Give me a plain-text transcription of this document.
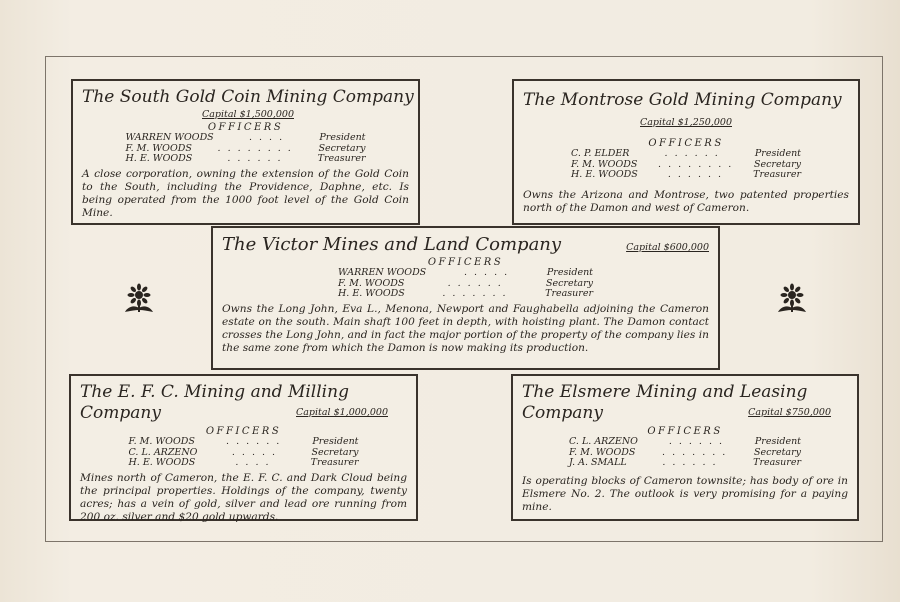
The South Gold Coin Mining Company
Capital $1,500,000
OFFICERS
WARREN WOODS	. . . .	President
F. M. WOODS	. . . . . . . .	Secretary
H. E. WOODS	. . . . . .	Treasurer
A close corporation, owning the extension of the Gold Coin to the South, including the Providence, Daphne, etc. Is being operated from the 1000 foot level of the Gold Coin Mine.
The Montrose Gold Mining Company
Capital $1,250,000
OFFICERS
C. P. ELDER	. . . . . .	President
F. M. WOODS	. . . . . . . .	Secretary
H. E. WOODS	. . . . . .	Treasurer
Owns the Arizona and Montrose, two patented properties north of the Damon and west of Cameron.
The Victor Mines and Land Company	Capital $600,000
OFFICERS
WARREN WOODS	. . . . .	President
F. M. WOODS	. . . . . .	Secretary
H. E. WOODS	. . . . . . .	Treasurer
Owns the Long John, Eva L., Menona, Newport and Faughabella adjoining the Cameron estate on the south. Main shaft 100 feet in depth, with hoisting plant. The Damon contact crosses the Long John, and in fact the major portion of the property of the company lies in the same zone from which the Damon is now making its production.
The E. F. C. Mining and Milling Company	Capital $1,000,000
OFFICERS
F. M. WOODS	. . . . . .	President
C. L. ARZENO	. . . . .	Secretary
H. E. WOODS	. . . .	Treasurer
Mines north of Cameron, the E. F. C. and Dark Cloud being the principal properties. Holdings of the company, twenty acres; has a vein of gold, silver and lead ore running from 200 oz. silver and $20 gold upwards.
The Elsmere Mining and Leasing Company	Capital $750,000
OFFICERS
C. L. ARZENO	. . . . . .	President
F. M. WOODS	. . . . . . .	Secretary
J. A. SMALL	. . . . . .	Treasurer
Is operating blocks of Cameron townsite; has body of ore in Elsmere No. 2. The outlook is very promising for a paying mine.
